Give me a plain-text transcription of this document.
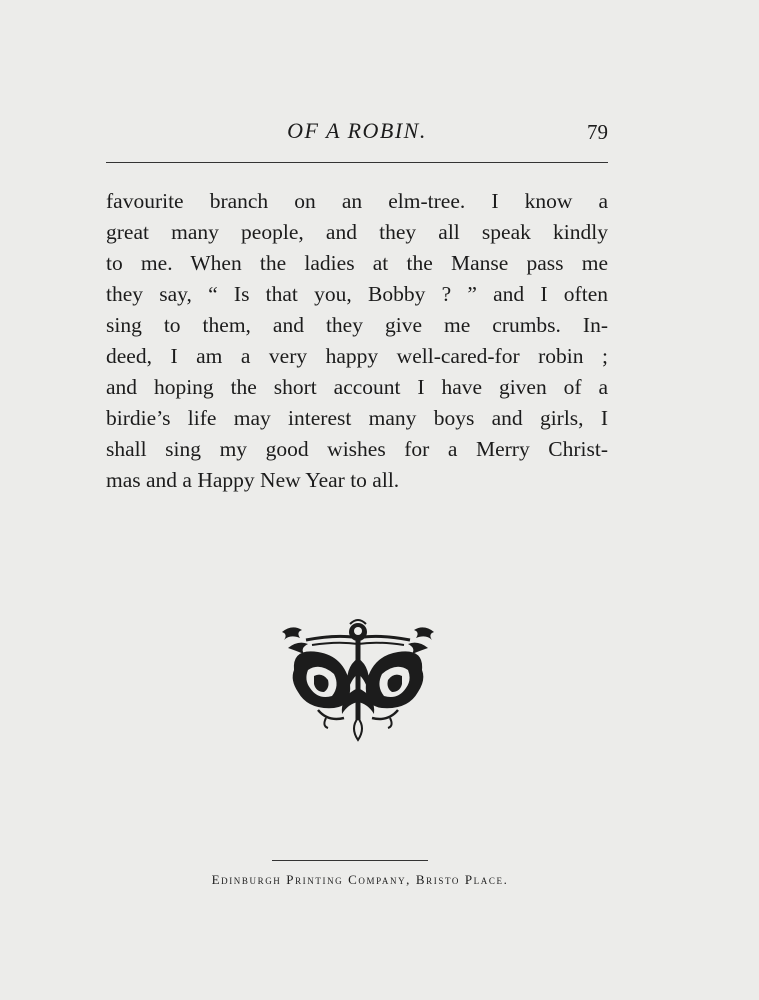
OF A ROBIN.	79
favourite branch on an elm-tree. I know a
great many people, and they all speak kindly
to me. When the ladies at the Manse pass me
they say, “ Is that you, Bobby ? ” and I often
sing to them, and they give me crumbs. In-
deed, I am a very happy well-cared-for robin ;
and hoping the short account I have given of a
birdie’s life may interest many boys and girls, I
shall sing my good wishes for a Merry Christ-
mas and a Happy New Year to all.
Edinburgh Printing Company, Bristo Place.
